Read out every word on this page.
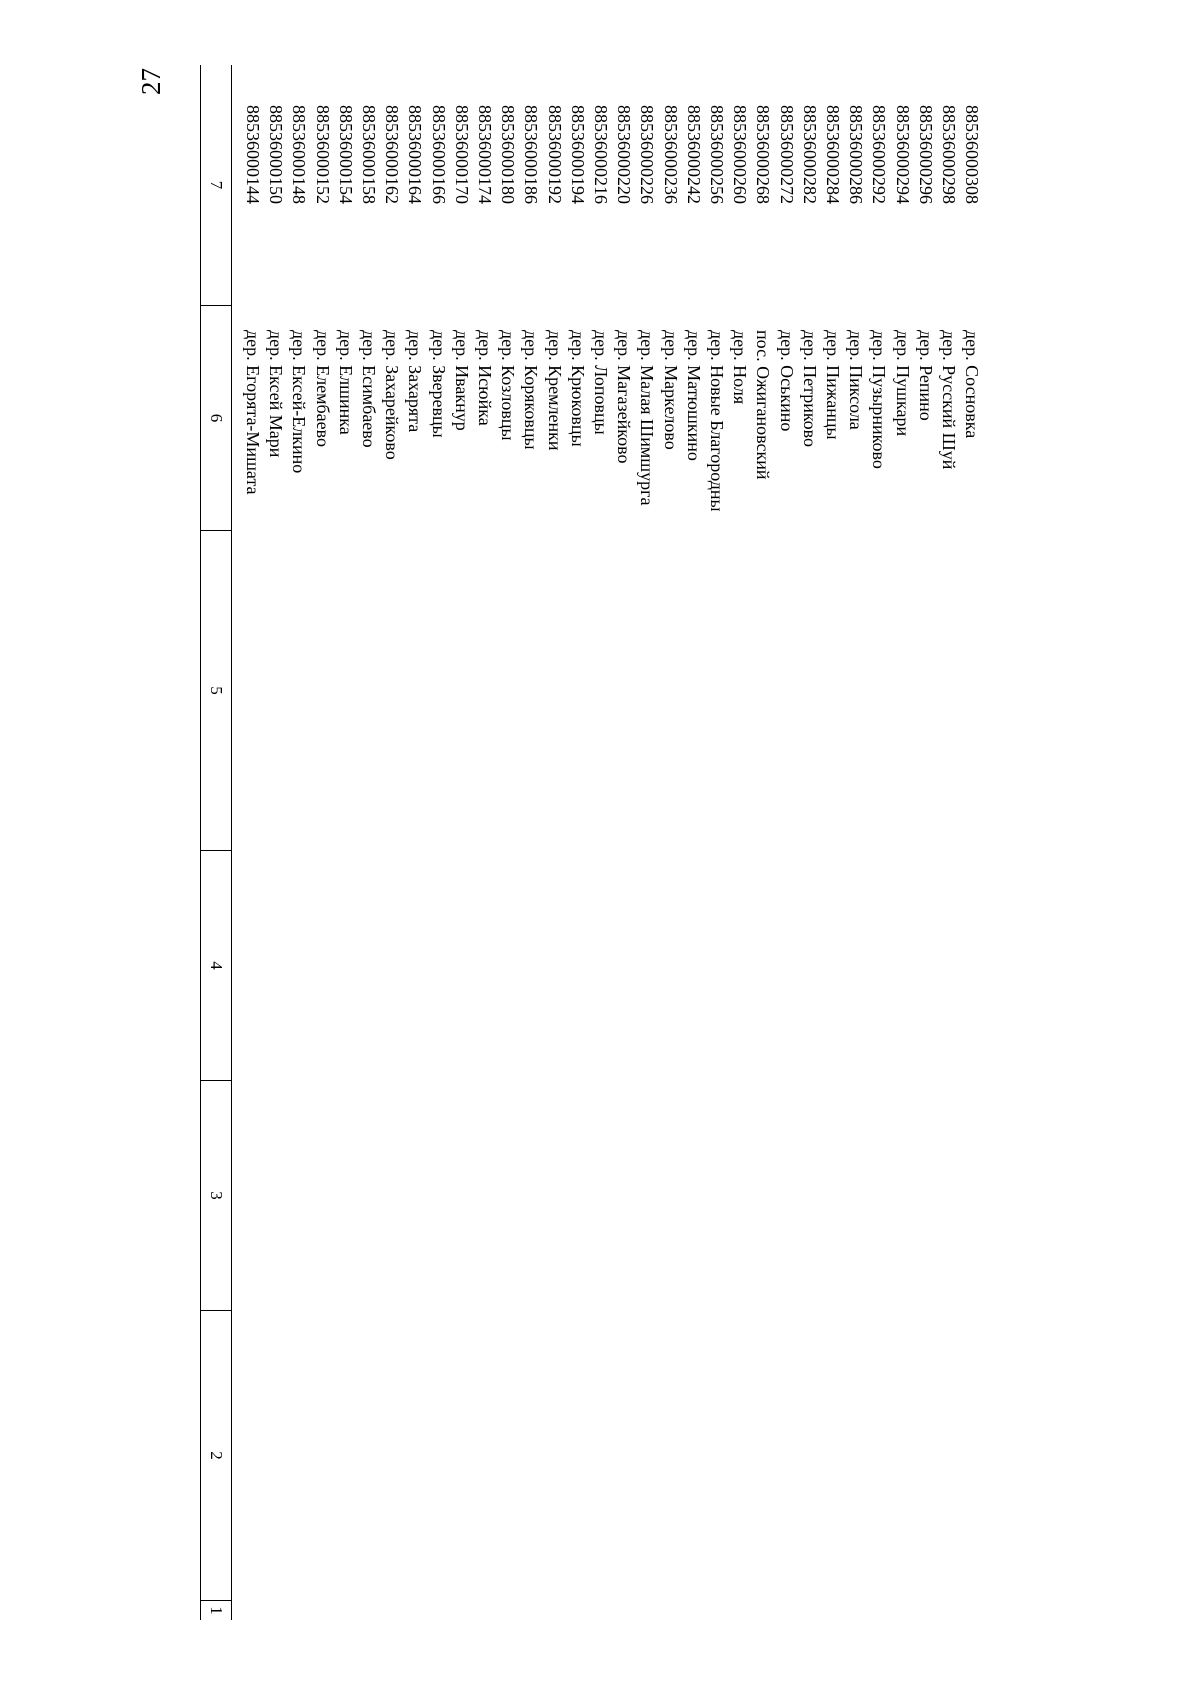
27
7
6
5
4
3
2
1
88536000144
дер. Егорята-Мишата
88536000150
дер. Ексей Мари
88536000148
дер. Ексей-Елкино
88536000152
дер. Елембаево
88536000154
дер. Елшинка
88536000158
дер. Есимбаево
88536000162
дер. Захарейково
88536000164
дер. Захарята
88536000166
дер. Зверевцы
88536000170
дер. Ивакнур
88536000174
дер. Исюйка
88536000180
дер. Козловцы
88536000186
дер. Коряковцы
88536000192
дер. Кремленки
88536000194
дер. Крюковцы
88536000216
дер. Лоповцы
88536000220
дер. Магазейково
88536000226
дер. Малая Шимшурга
88536000236
дер. Маркелово
88536000242
дер. Матюшкино
88536000256
дер. Новые Благородны
88536000260
дер. Ноля
88536000268
пос. Ожигановский
88536000272
дер. Оськино
88536000282
дер. Петриково
88536000284
дер. Пижанцы
88536000286
дер. Пиксола
88536000292
дер. Пузырниково
88536000294
дер. Пушкари
88536000296
дер. Репино
88536000298
дер. Русский Шуй
88536000308
дер. Сосновка
